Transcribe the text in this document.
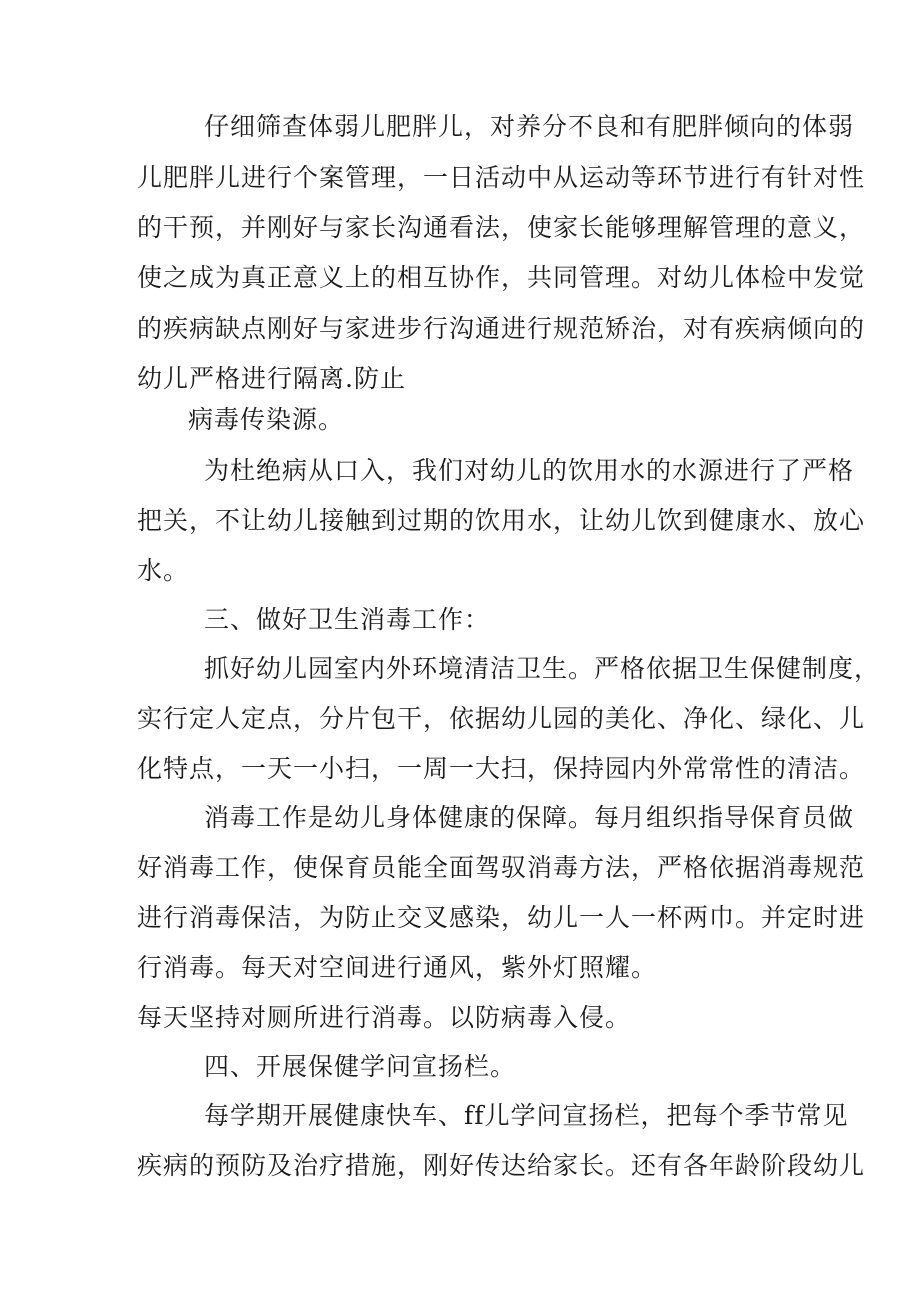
仔细筛查体弱儿肥胖儿，对养分不良和有肥胖倾向的体弱
儿肥胖儿进行个案管理，一日活动中从运动等环节进行有针对性
的干预，并刚好与家长沟通看法，使家长能够理解管理的意义，
使之成为真正意义上的相互协作，共同管理。对幼儿体检中发觉
的疾病缺点刚好与家进步行沟通进行规范矫治，对有疾病倾向的
幼儿严格进行隔离.防止
病毒传染源。
为杜绝病从口入，我们对幼儿的饮用水的水源进行了严格
把关，不让幼儿接触到过期的饮用水，让幼儿饮到健康水、放心
水。
三、做好卫生消毒工作：
抓好幼儿园室内外环境清洁卫生。严格依据卫生保健制度，
实行定人定点，分片包干，依据幼儿园的美化、净化、绿化、儿
化特点，一天一小扫，一周一大扫，保持园内外常常性的清洁。
消毒工作是幼儿身体健康的保障。每月组织指导保育员做
好消毒工作，使保育员能全面驾驭消毒方法，严格依据消毒规范
进行消毒保洁，为防止交叉感染，幼儿一人一杯两巾。并定时进
行消毒。每天对空间进行通风，紫外灯照耀。
每天坚持对厕所进行消毒。以防病毒入侵。
四、开展保健学问宣扬栏。
每学期开展健康快车、ff儿学问宣扬栏，把每个季节常见
疾病的预防及治疗措施，刚好传达给家长。还有各年龄阶段幼儿
